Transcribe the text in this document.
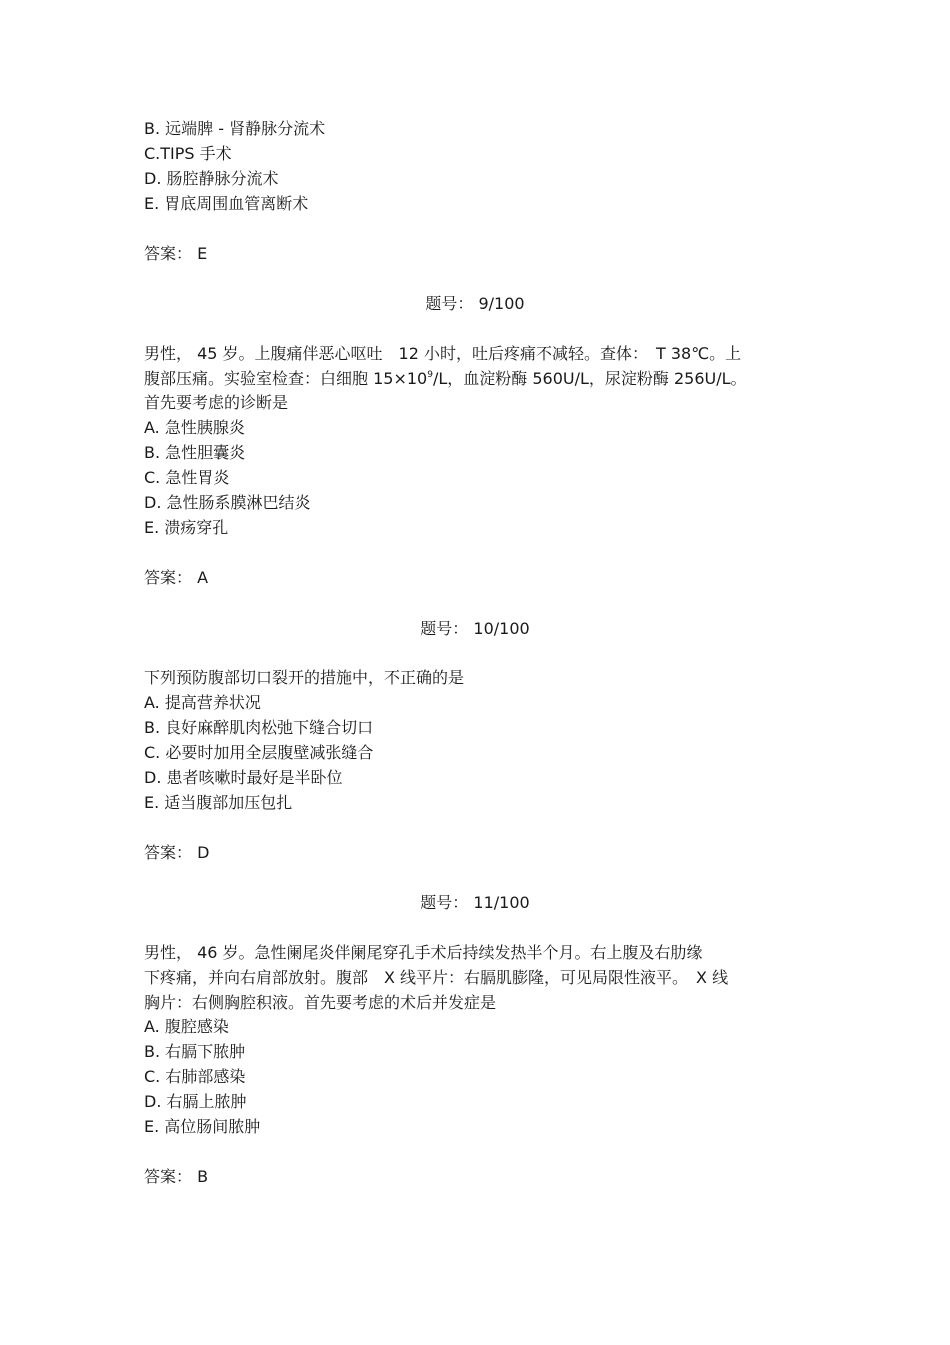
B. 远端脾 - 肾静脉分流术
C.TIPS 手术
D. 肠腔静脉分流术
E. 胃底周围血管离断术
答案： E
题号： 9/100
男性， 45 岁。上腹痛伴恶心呕吐　12 小时，吐后疼痛不减轻。查体：　T 38℃。上
腹部压痛。实验室检查：白细胞 $15\times 10^9/L$，血淀粉酶 560U/L，尿淀粉酶 256U/L。
首先要考虑的诊断是
A. 急性胰腺炎
B. 急性胆囊炎
C. 急性胃炎
D. 急性肠系膜淋巴结炎
E. 溃疡穿孔
答案： A
题号： 10/100
下列预防腹部切口裂开的措施中，不正确的是
A. 提高营养状况
B. 良好麻醉肌肉松弛下缝合切口
C. 必要时加用全层腹壁减张缝合
D. 患者咳嗽时最好是半卧位
E. 适当腹部加压包扎
答案： D
题号： 11/100
男性， 46 岁。急性阑尾炎伴阑尾穿孔手术后持续发热半个月。右上腹及右肋缘
下疼痛，并向右肩部放射。腹部　X 线平片：右膈肌膨隆，可见局限性液平。　X 线
胸片：右侧胸腔积液。首先要考虑的术后并发症是
A. 腹腔感染
B. 右膈下脓肿
C. 右肺部感染
D. 右膈上脓肿
E. 高位肠间脓肿
答案： B
